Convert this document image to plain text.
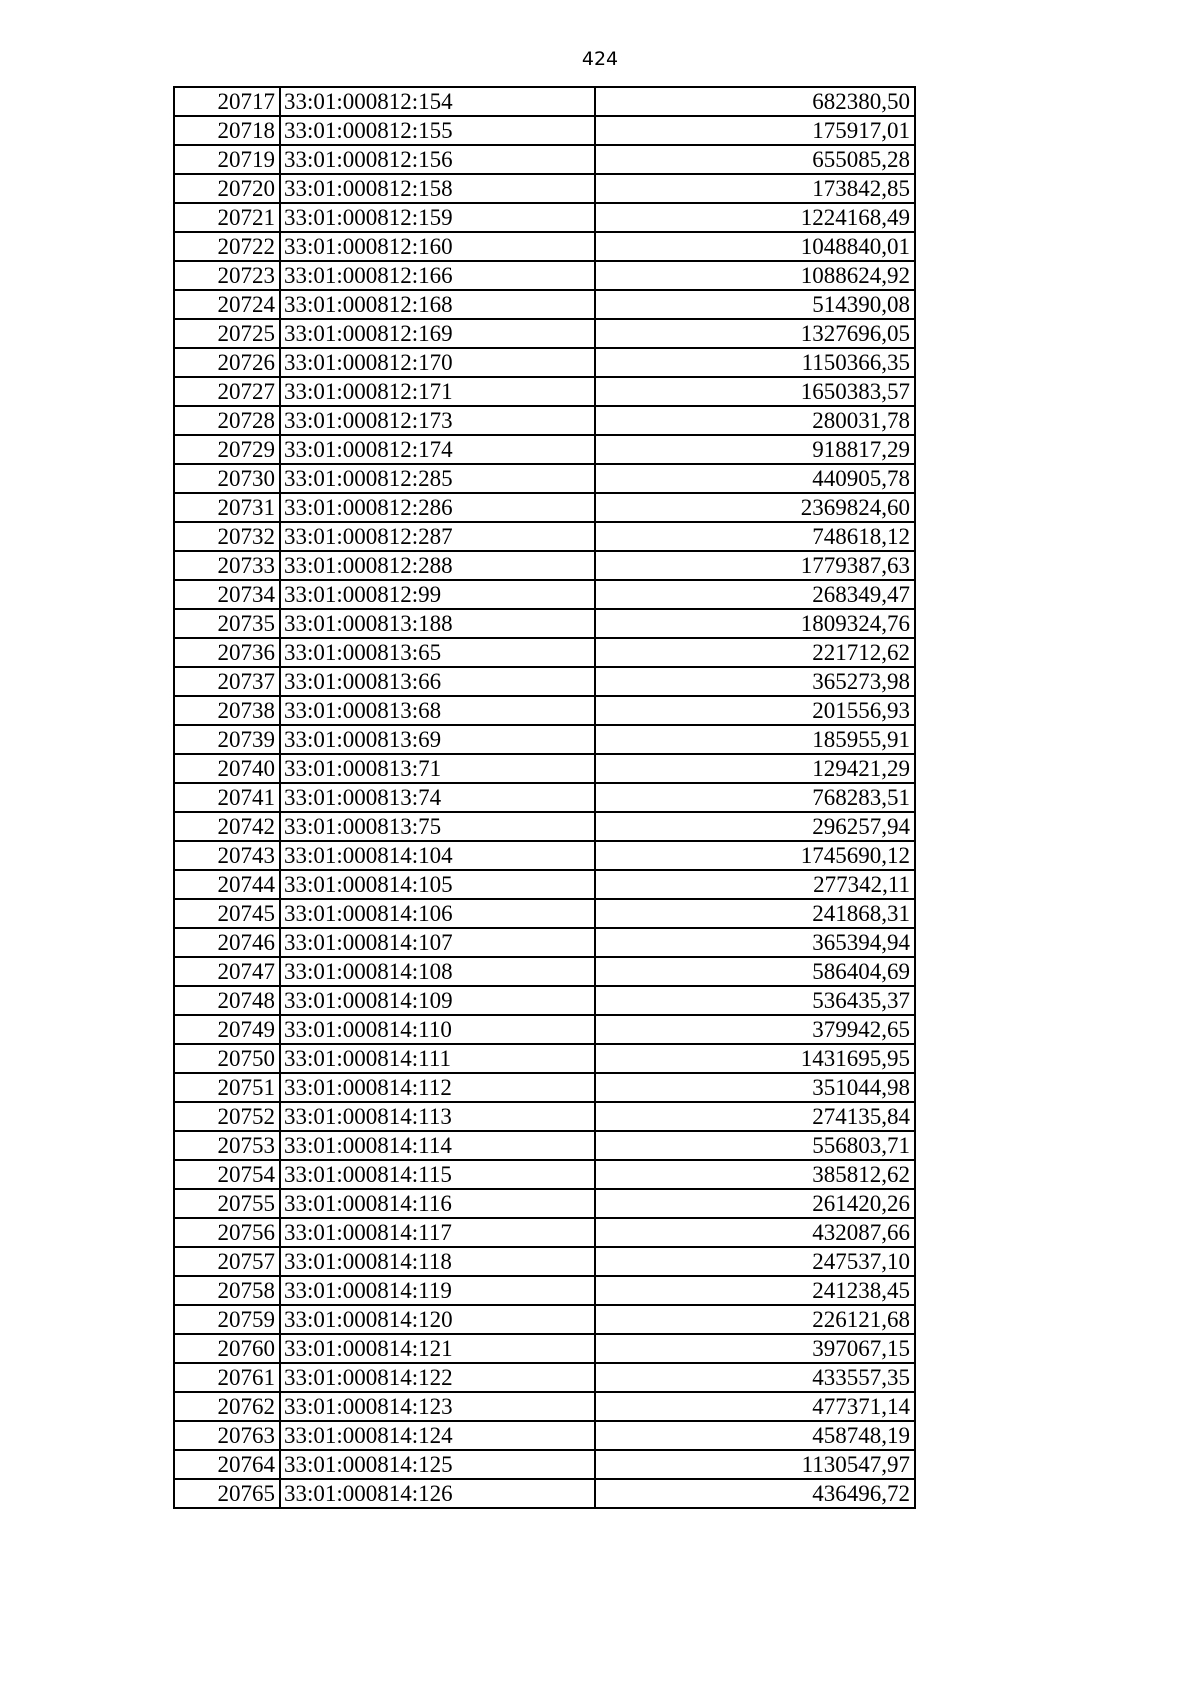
424
20717	33:01:000812:154	682380,50
20718	33:01:000812:155	175917,01
20719	33:01:000812:156	655085,28
20720	33:01:000812:158	173842,85
20721	33:01:000812:159	1224168,49
20722	33:01:000812:160	1048840,01
20723	33:01:000812:166	1088624,92
20724	33:01:000812:168	514390,08
20725	33:01:000812:169	1327696,05
20726	33:01:000812:170	1150366,35
20727	33:01:000812:171	1650383,57
20728	33:01:000812:173	280031,78
20729	33:01:000812:174	918817,29
20730	33:01:000812:285	440905,78
20731	33:01:000812:286	2369824,60
20732	33:01:000812:287	748618,12
20733	33:01:000812:288	1779387,63
20734	33:01:000812:99	268349,47
20735	33:01:000813:188	1809324,76
20736	33:01:000813:65	221712,62
20737	33:01:000813:66	365273,98
20738	33:01:000813:68	201556,93
20739	33:01:000813:69	185955,91
20740	33:01:000813:71	129421,29
20741	33:01:000813:74	768283,51
20742	33:01:000813:75	296257,94
20743	33:01:000814:104	1745690,12
20744	33:01:000814:105	277342,11
20745	33:01:000814:106	241868,31
20746	33:01:000814:107	365394,94
20747	33:01:000814:108	586404,69
20748	33:01:000814:109	536435,37
20749	33:01:000814:110	379942,65
20750	33:01:000814:111	1431695,95
20751	33:01:000814:112	351044,98
20752	33:01:000814:113	274135,84
20753	33:01:000814:114	556803,71
20754	33:01:000814:115	385812,62
20755	33:01:000814:116	261420,26
20756	33:01:000814:117	432087,66
20757	33:01:000814:118	247537,10
20758	33:01:000814:119	241238,45
20759	33:01:000814:120	226121,68
20760	33:01:000814:121	397067,15
20761	33:01:000814:122	433557,35
20762	33:01:000814:123	477371,14
20763	33:01:000814:124	458748,19
20764	33:01:000814:125	1130547,97
20765	33:01:000814:126	436496,72
